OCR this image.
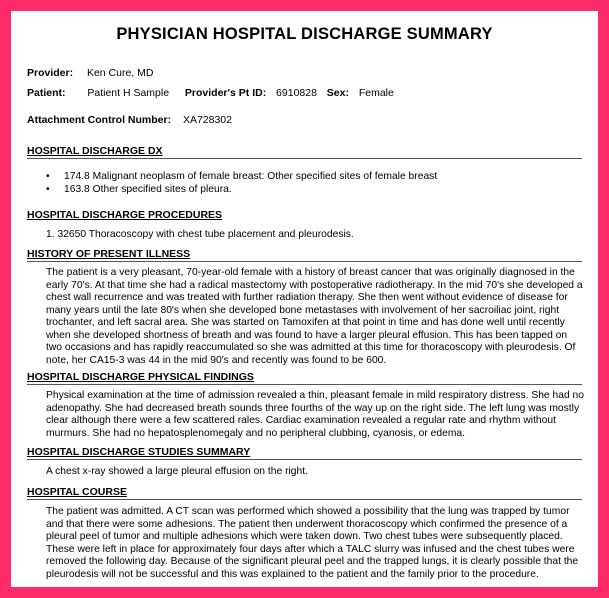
PHYSICIAN HOSPITAL DISCHARGE SUMMARY
Provider: Ken Cure, MD
Patient: Patient H Sample Provider's Pt ID: 6910828 Sex: Female
Attachment Control Number: XA728302
HOSPITAL DISCHARGE DX
• 174.8 Malignant neoplasm of female breast: Other specified sites of female breast
• 163.8 Other specified sites of pleura.
HOSPITAL DISCHARGE PROCEDURES
1. 32650 Thoracoscopy with chest tube placement and pleurodesis.
HISTORY OF PRESENT ILLNESS
The patient is a very pleasant, 70-year-old female with a history of breast cancer that was originally diagnosed in the early 70's. At that time she had a radical mastectomy with postoperative radiotherapy. In the mid 70's she developed a chest wall recurrence and was treated with further radiation therapy. She then went without evidence of disease for many years until the late 80's when she developed bone metastases with involvement of her sacroiliac joint, right trochanter, and left sacral area. She was started on Tamoxifen at that point in time and has done well until recently when she developed shortness of breath and was found to have a larger pleural effusion. This has been tapped on two occasions and has rapidly reaccumulated so she was admitted at this time for thoracoscopy with pleurodesis. Of note, her CA15-3 was 44 in the mid 90's and recently was found to be 600.
HOSPITAL DISCHARGE PHYSICAL FINDINGS
Physical examination at the time of admission revealed a thin, pleasant female in mild respiratory distress. She had no adenopathy. She had decreased breath sounds three fourths of the way up on the right side. The left lung was mostly clear although there were a few scattered rales. Cardiac examination revealed a regular rate and rhythm without murmurs. She had no hepatosplenomegaly and no peripheral clubbing, cyanosis, or edema.
HOSPITAL DISCHARGE STUDIES SUMMARY
A chest x-ray showed a large pleural effusion on the right.
HOSPITAL COURSE
The patient was admitted. A CT scan was performed which showed a possibility that the lung was trapped by tumor and that there were some adhesions. The patient then underwent thoracoscopy which confirmed the presence of a pleural peel of tumor and multiple adhesions which were taken down. Two chest tubes were subsequently placed. These were left in place for approximately four days after which a TALC slurry was infused and the chest tubes were removed the following day. Because of the significant pleural peel and the trapped lungs, it is clearly possible that the pleurodesis will not be successful and this was explained to the patient and the family prior to the procedure.
